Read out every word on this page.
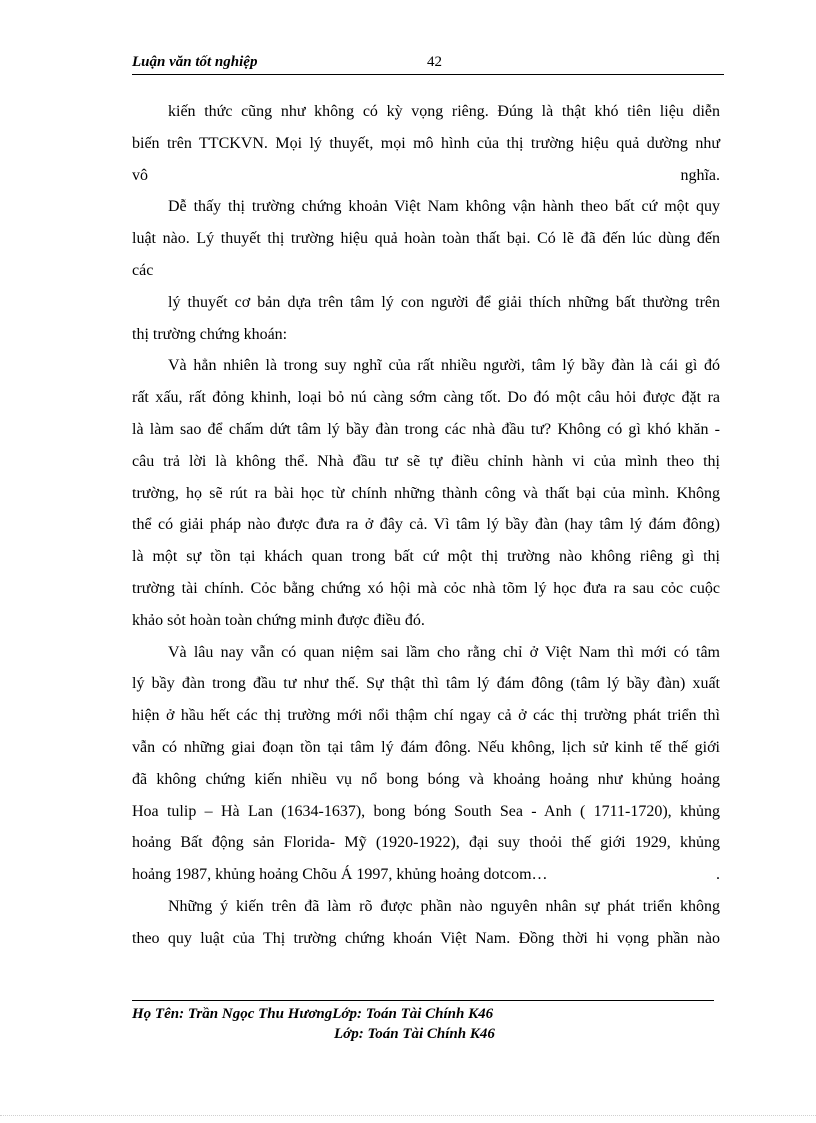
Luận văn tốt nghiệp	42
kiến thức cũng như không có kỳ vọng riêng. Đúng là thật khó tiên liệu diễn
biến trên TTCKVN. Mọi lý thuyết, mọi mô hình của thị trường hiệu quả dường như
vô	nghĩa.
Dễ thấy thị trường chứng khoản Việt Nam không vận hành theo bất cứ một quy
luật nào. Lý thuyết thị trường hiệu quả hoàn toàn thất bại. Có lẽ đã đến lúc dùng đến
các
lý thuyết cơ bản dựa trên tâm lý con người để giải thích những bất thường trên
thị trường chứng khoán:
Và hẳn nhiên là trong suy nghĩ của rất nhiều người, tâm lý bầy đàn là cái gì đó
rất xấu, rất đỏng khinh, loại bỏ nú càng sớm càng tốt. Do đó một câu hỏi được đặt ra
là làm sao để chấm dứt tâm lý bầy đàn trong các nhà đầu tư? Không có gì khó khăn -
câu trả lời là không thể. Nhà đầu tư sẽ tự điều chỉnh hành vi của mình theo thị
trường, họ sẽ rút ra bài học từ chính những thành công và thất bại của mình. Không
thể có giải pháp nào được đưa ra ở đây cả. Vì tâm lý bầy đàn (hay tâm lý đám đông)
là một sự tồn tại khách quan trong bất cứ một thị trường nào không riêng gì thị
trường tài chính. Cỏc bằng chứng xó hội mà cỏc nhà tõm lý học đưa ra sau cỏc cuộc
khảo sỏt hoàn toàn chứng minh được điều đó.
Và lâu nay vẫn có quan niệm sai lầm cho rằng chỉ ở Việt Nam thì mới có tâm
lý bầy đàn trong đầu tư như thế. Sự thật thì tâm lý đám đông (tâm lý bầy đàn) xuất
hiện ở hầu hết các thị trường mới nổi thậm chí ngay cả ở các thị trường phát triển thì
vẫn có những giai đoạn tồn tại tâm lý đám đông. Nếu không, lịch sử kinh tế thế giới
đã không chứng kiến nhiều vụ nổ bong bóng và khoảng hoảng như khủng hoảng
Hoa tulip – Hà Lan (1634-1637), bong bóng South Sea - Anh ( 1711-1720), khủng
hoảng Bất động sản Florida- Mỹ (1920-1922), đại suy thoỏi thế giới 1929, khủng
hoảng 1987, khủng hoảng Chõu Á 1997, khủng hoảng dotcom…	.
Những ý kiến trên đã làm rõ được phần nào nguyên nhân sự phát triển không
theo quy luật của Thị trường chứng khoán Việt Nam. Đồng thời hi vọng phần nào
Họ Tên: Trần Ngọc Thu HươngLớp: Toán Tài Chính K46
Lớp: Toán Tài Chính K46
